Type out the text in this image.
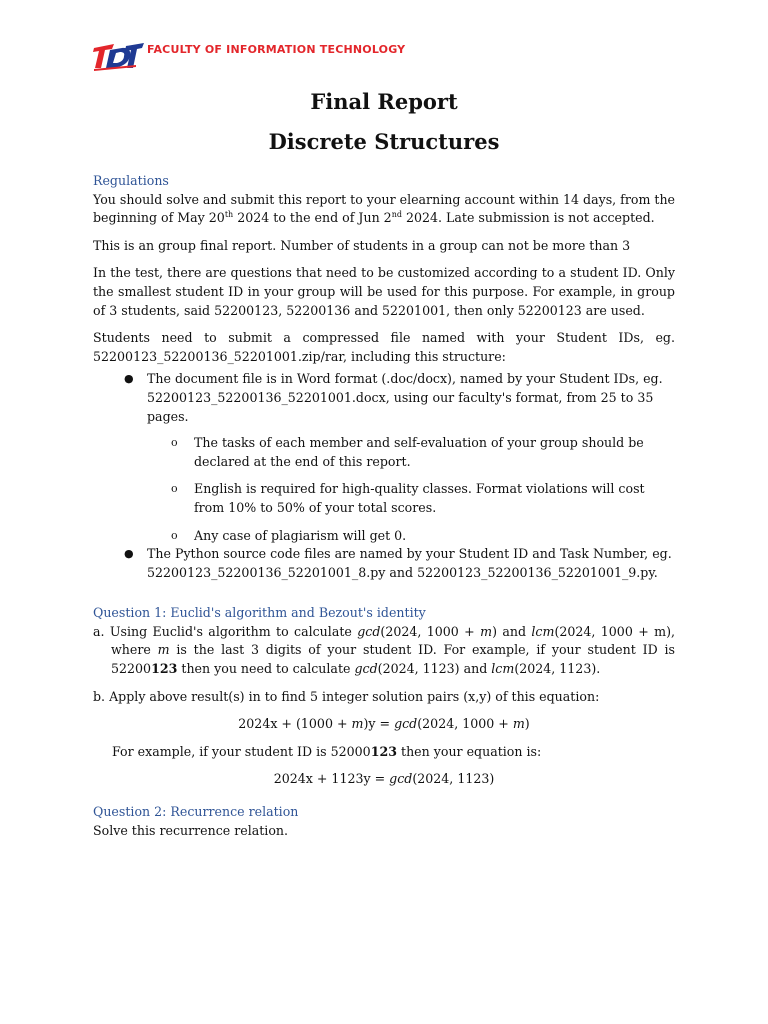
FACULTY OF INFORMATION TECHNOLOGY
Final Report
Discrete Structures
Regulations

You should solve and submit this report to your elearning account within 14 days, from the beginning of May 20th 2024 to the end of Jun 2nd 2024. Late submission is not accepted.

This is an group final report. Number of students in a group can not be more than 3

In the test, there are questions that need to be customized according to a student ID. Only the smallest student ID in your group will be used for this purpose. For example, in group of 3 students, said 52200123, 52200136 and 52201001, then only 52200123 are used.

Students need to submit a compressed file named with your Student IDs, eg. 52200123_52200136_52201001.zip/rar, including this structure:

● The document file is in Word format (.doc/docx), named by your Student IDs, eg. 52200123_52200136_52201001.docx, using our faculty's format, from 25 to 35 pages.
o The tasks of each member and self-evaluation of your group should be declared at the end of this report.
o English is required for high-quality classes. Format violations will cost from 10% to 50% of your total scores.
o Any case of plagiarism will get 0.
● The Python source code files are named by your Student ID and Task Number, eg. 52200123_52200136_52201001_8.py and 52200123_52200136_52201001_9.py.
Question 1: Euclid's algorithm and Bezout's identity

a. Using Euclid's algorithm to calculate gcd(2024, 1000 + m) and lcm(2024, 1000 + m), where m is the last 3 digits of your student ID. For example, if your student ID is 52200123 then you need to calculate gcd(2024, 1123) and lcm(2024, 1123).

b. Apply above result(s) in to find 5 integer solution pairs (x,y) of this equation:

2024x + (1000 + m)y = gcd(2024, 1000 + m)

For example, if your student ID is 52000123 then your equation is:

2024x + 1123y = gcd(2024, 1123)

Question 2: Recurrence relation

Solve this recurrence relation.
